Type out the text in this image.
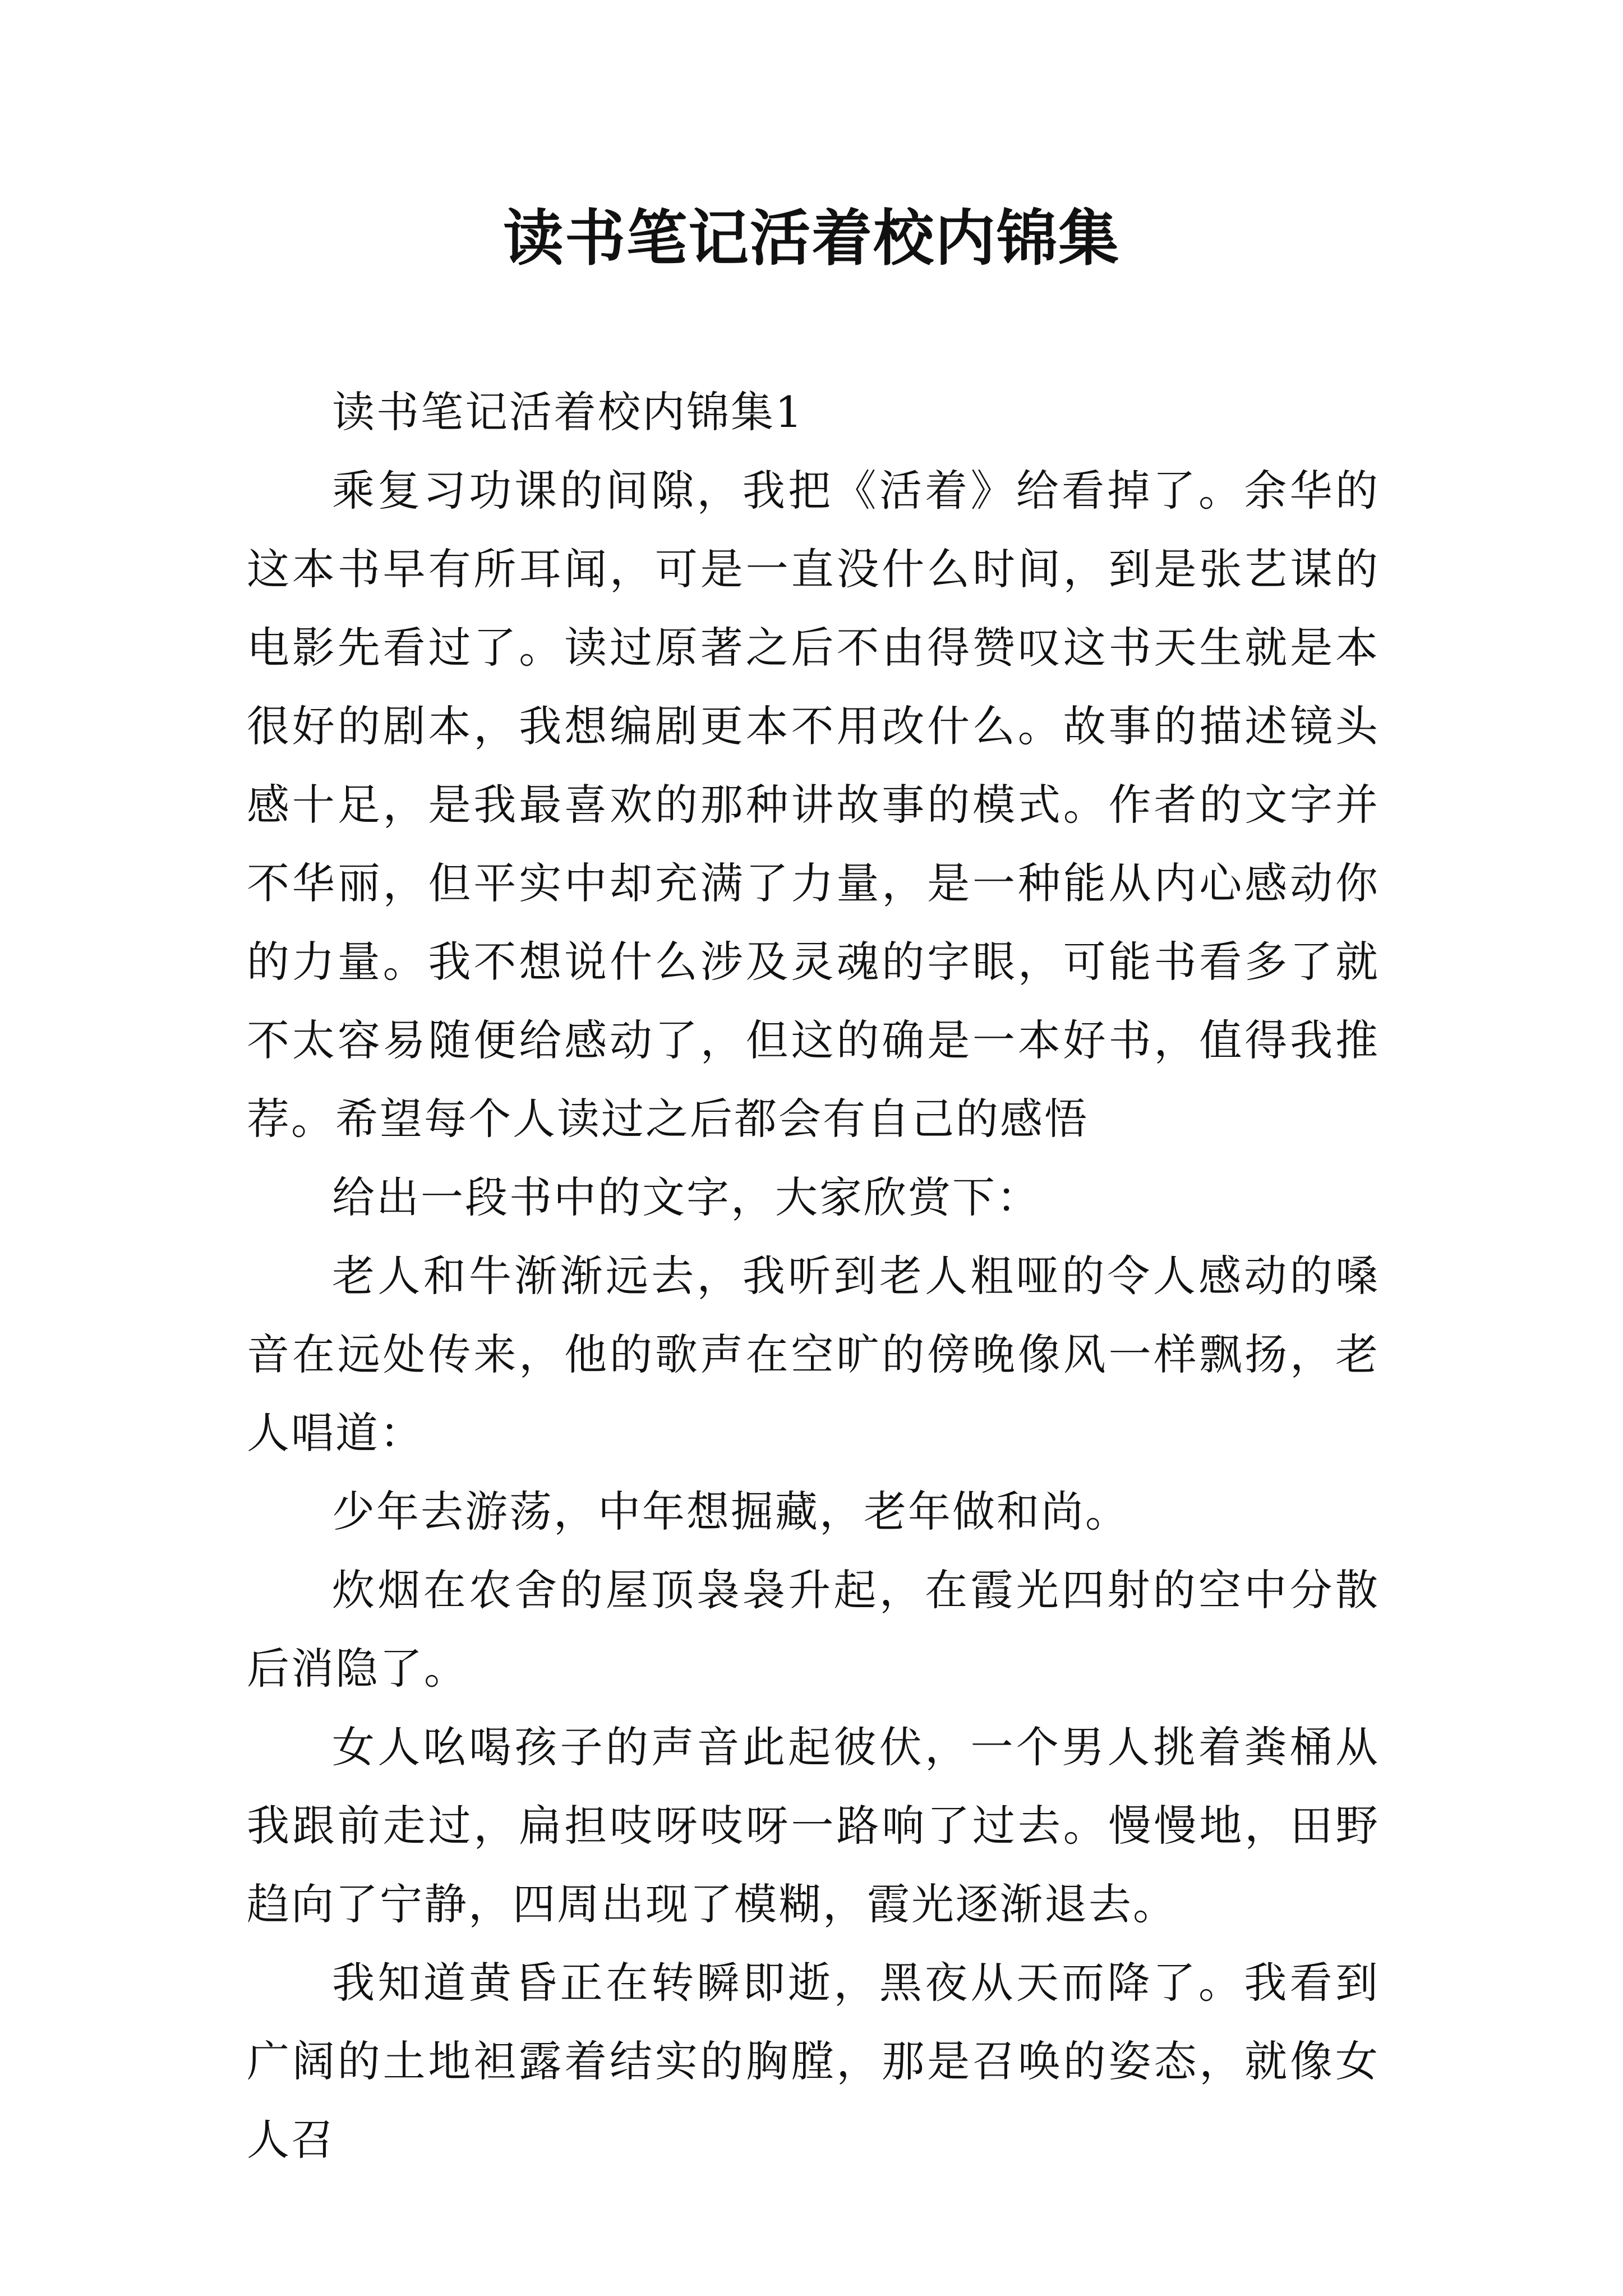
读书笔记活着校内锦集

读书笔记活着校内锦集1

乘复习功课的间隙，我把《活着》给看掉了。余华的这本书早有所耳闻，可是一直没什么时间，到是张艺谋的电影先看过了。读过原著之后不由得赞叹这书天生就是本很好的剧本，我想编剧更本不用改什么。故事的描述镜头感十足，是我最喜欢的那种讲故事的模式。作者的文字并不华丽，但平实中却充满了力量，是一种能从内心感动你的力量。我不想说什么涉及灵魂的字眼，可能书看多了就不太容易随便给感动了，但这的确是一本好书，值得我推荐。希望每个人读过之后都会有自己的感悟

给出一段书中的文字，大家欣赏下：

老人和牛渐渐远去，我听到老人粗哑的令人感动的嗓音在远处传来，他的歌声在空旷的傍晚像风一样飘扬，老人唱道：

少年去游荡，中年想掘藏，老年做和尚。

炊烟在农舍的屋顶袅袅升起，在霞光四射的空中分散后消隐了。

女人吆喝孩子的声音此起彼伏，一个男人挑着粪桶从我跟前走过，扁担吱呀吱呀一路响了过去。慢慢地，田野趋向了宁静，四周出现了模糊，霞光逐渐退去。

我知道黄昏正在转瞬即逝，黑夜从天而降了。我看到广阔的土地袒露着结实的胸膛，那是召唤的姿态，就像女人召
